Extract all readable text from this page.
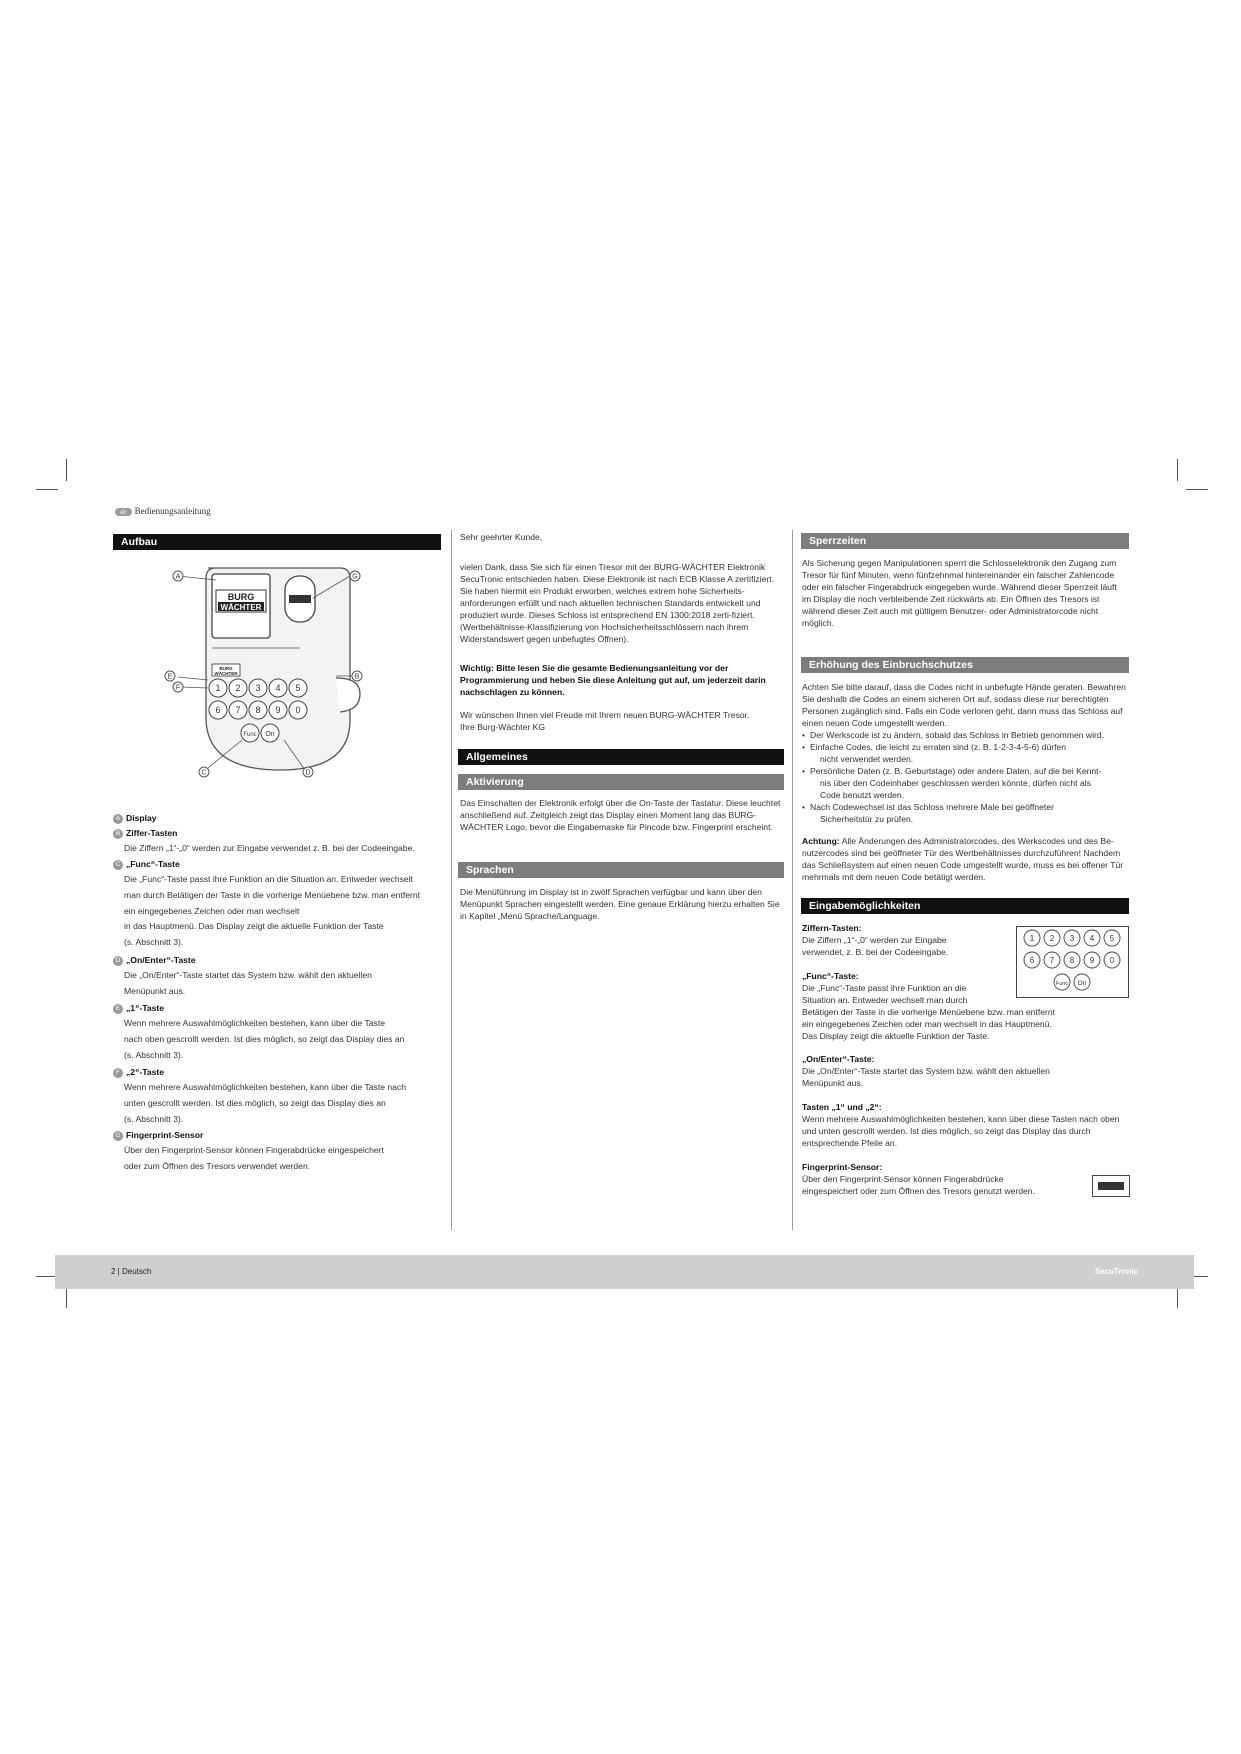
de Bedienungsanleitung
Aufbau
BURG
WÄCHTER
BURG
WÄCHTER
1 2 3 4 5
6 7 8 9 0
Func On
A	G
E
F
B
C	D
A Display
B Ziffer-Tasten
Die Ziffern „1“-„0“ werden zur Eingabe verwendet z. B. bei der Codeeingabe.
C „Func“-Taste
Die „Func“-Taste passt ihre Funktion an die Situation an. Entweder wechselt
man durch Betätigen der Taste in die vorherige Menüebene bzw. man entfernt
ein eingegebenes Zeichen oder man wechselt
in das Hauptmenü. Das Display zeigt die aktuelle Funktion der Taste
(s. Abschnitt 3).
D „On/Enter“-Taste
Die „On/Enter“-Taste startet das System bzw. wählt den aktuellen
Menüpunkt aus.
E „1“-Taste
Wenn mehrere Auswahlmöglichkeiten bestehen, kann über die Taste
nach oben gescrollt werden. Ist dies möglich, so zeigt das Display dies an
(s. Abschnitt 3).
F „2“-Taste
Wenn mehrere Auswahlmöglichkeiten bestehen, kann über die Taste nach
unten gescrollt werden. Ist dies möglich, so zeigt das Display dies an
(s. Abschnitt 3).
G Fingerprint-Sensor
Über den Fingerprint-Sensor können Fingerabdrücke eingespeichert
oder zum Öffnen des Tresors verwendet werden.
Sehr geehrter Kunde,

vielen Dank, dass Sie sich für einen Tresor mit der BURG-WÄCHTER Elektronik SecuTronic entschieden haben. Diese Elektronik ist nach ECB Klasse A zertifiziert.

Sie haben hiermit ein Produkt erworben, welches extrem hohe Sicherheits-anforderungen erfüllt und nach aktuellen technischen Standards entwickelt und produziert wurde. Dieses Schloss ist entsprechend EN 1300:2018 zerti-fiziert. (Wertbehältnisse-Klassifizierung von Hochsicherheitsschlössern nach ihrem Widerstandswert gegen unbefugtes Öffnen).

Wichtig: Bitte lesen Sie die gesamte Bedienungsanleitung vor der Programmierung und heben Sie diese Anleitung gut auf, um jederzeit darin nachschlagen zu können.

Wir wünschen Ihnen viel Freude mit Ihrem neuen BURG-WÄCHTER Tresor.

Ihre Burg-Wächter KG

Allgemeines
Aktivierung
Das Einschalten der Elektronik erfolgt über die On-Taste der Tastatur. Diese leuchtet anschließend auf. Zeitgleich zeigt das Display einen Moment lang das BURG-WÄCHTER Logo, bevor die Eingabemaske für Pincode bzw. Fingerprint erscheint.
Sprachen
Die Menüführung im Display ist in zwölf Sprachen verfügbar und kann über den Menüpunkt Sprachen eingestellt werden. Eine genaue Erklärung hierzu erhalten Sie in Kapitel „Menü Sprache/Language.
Sperrzeiten
Als Sicherung gegen Manipulationen sperrt die Schlosselektronik den Zugang zum Tresor für fünf Minuten, wenn fünfzehnmal hintereinander ein falscher Zahlencode oder ein falscher Fingerabdruck eingegeben wurde. Während dieser Sperrzeit läuft im Display die noch verbleibende Zeit rückwärts ab. Ein Öffnen des Tresors ist während dieser Zeit auch mit gültigem Benutzer- oder Administratorcode nicht möglich.
Erhöhung des Einbruchschutzes

Achten Sie bitte darauf, dass die Codes nicht in unbefugte Hände geraten. Bewahren Sie deshalb die Codes an einem sicheren Ort auf, sodass diese nur berechtigten Personen zugänglich sind. Falls ein Code verloren geht, dann muss das Schloss auf einen neuen Code umgestellt werden.

• Der Werkscode ist zu ändern, sobald das Schloss in Betrieb genommen wird.
• Einfache Codes, die leicht zu erraten sind (z. B. 1-2-3-4-5-6) dürfen
nicht verwendet werden.
• Persönliche Daten (z. B. Geburtstage) oder andere Daten, auf die bei Kennt-
nis über den Codeinhaber geschlossen werden könnte, dürfen nicht als
Code benutzt werden.
• Nach Codewechsel ist das Schloss mehrere Male bei geöffneter
Sicherheitstür zu prüfen.
Achtung: Alle Änderungen des Administratorcodes, des Werkscodes und des Be-nutzercodes sind bei geöffneter Tür des Wertbehältnisses durchzuführen! Nachdem das Schließsystem auf einen neuen Code umgestellt wurde, muss es bei offener Tür mehrmals mit dem neuen Code betätigt werden.
Eingabemöglichkeiten
Ziffern-Tasten:
Die Ziffern „1“-„0“ werden zur Eingabe
verwendet, z. B. bei der Codeeingabe.
1 2 3 4 5
6 7 8 9 0
Func On
„Func“-Taste:
Die „Func“-Taste passt ihre Funktion an die
Situation an. Entweder wechselt man durch
Betätigen der Taste in die vorherige Menüebene bzw. man entfernt
ein eingegebenes Zeichen oder man wechselt in das Hauptmenü.
Das Display zeigt die aktuelle Funktion der Taste.
„On/Enter“-Taste:
Die „On/Enter“-Taste startet das System bzw. wählt den aktuellen Menüpunkt aus.
Tasten „1“ und „2“:
Wenn mehrere Auswahlmöglichkeiten bestehen, kann über diese Tasten nach oben und unten gescrollt werden. Ist dies möglich, so zeigt das Display das durch entsprechende Pfeile an.
Fingerprint-Sensor:
Über den Fingerprint-Sensor können Fingerabdrücke
eingespeichert oder zum Öffnen des Tresors genutzt werden.
2 | Deutsch	SecuTronic
